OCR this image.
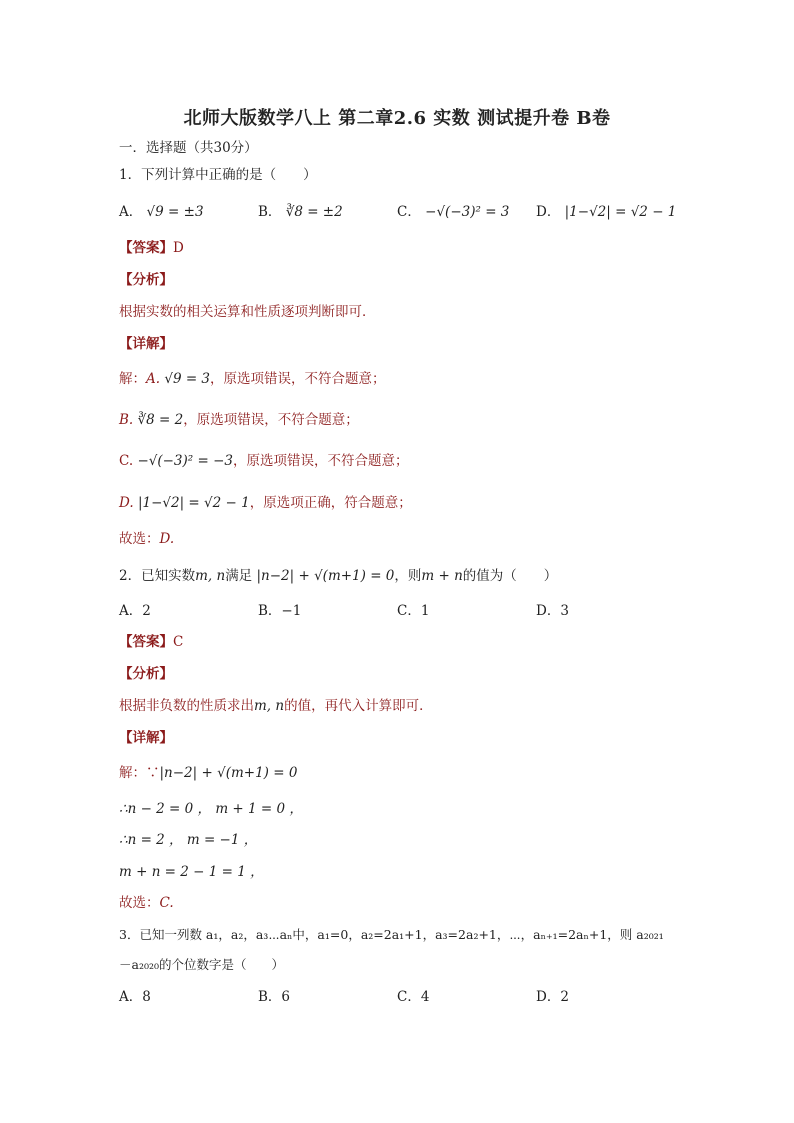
北师大版数学八上 第二章2.6 实数 测试提升卷 B卷
一．选择题（共30分）
1．下列计算中正确的是（　　）
A． √9 = ±3	B． ∛8 = ±2	C． −√(−3)² = 3 D． |1−√2| = √2 − 1
【答案】D
【分析】
根据实数的相关运算和性质逐项判断即可．
【详解】
解：A. √9 = 3，原选项错误，不符合题意；
B. ∛8 = 2，原选项错误，不符合题意；
C. −√(−3)² = −3，原选项错误，不符合题意；
D. |1−√2| = √2 − 1，原选项正确，符合题意；
故选：D.
2．已知实数m, n满足 |n−2| + √(m+1) = 0，则m + n的值为（　　）
A．2	B．−1	C．1	D．3
【答案】C
【分析】
根据非负数的性质求出m, n的值，再代入计算即可．
【详解】
解：∵|n−2| + √(m+1) = 0
∴n − 2 = 0 ， m + 1 = 0 ，
∴n = 2 ， m = −1 ，
m + n = 2 − 1 = 1 ，
故选：C.
3．已知一列数 a₁，a₂，a₃⋯aₙ中，a₁=0，a₂=2a₁+1，a₃=2a₂+1，⋯，aₙ₊₁=2aₙ+1，则 a₂₀₂₁
－a₂₀₂₀的个位数字是（　　）
A．8	B．6	C．4	D．2
